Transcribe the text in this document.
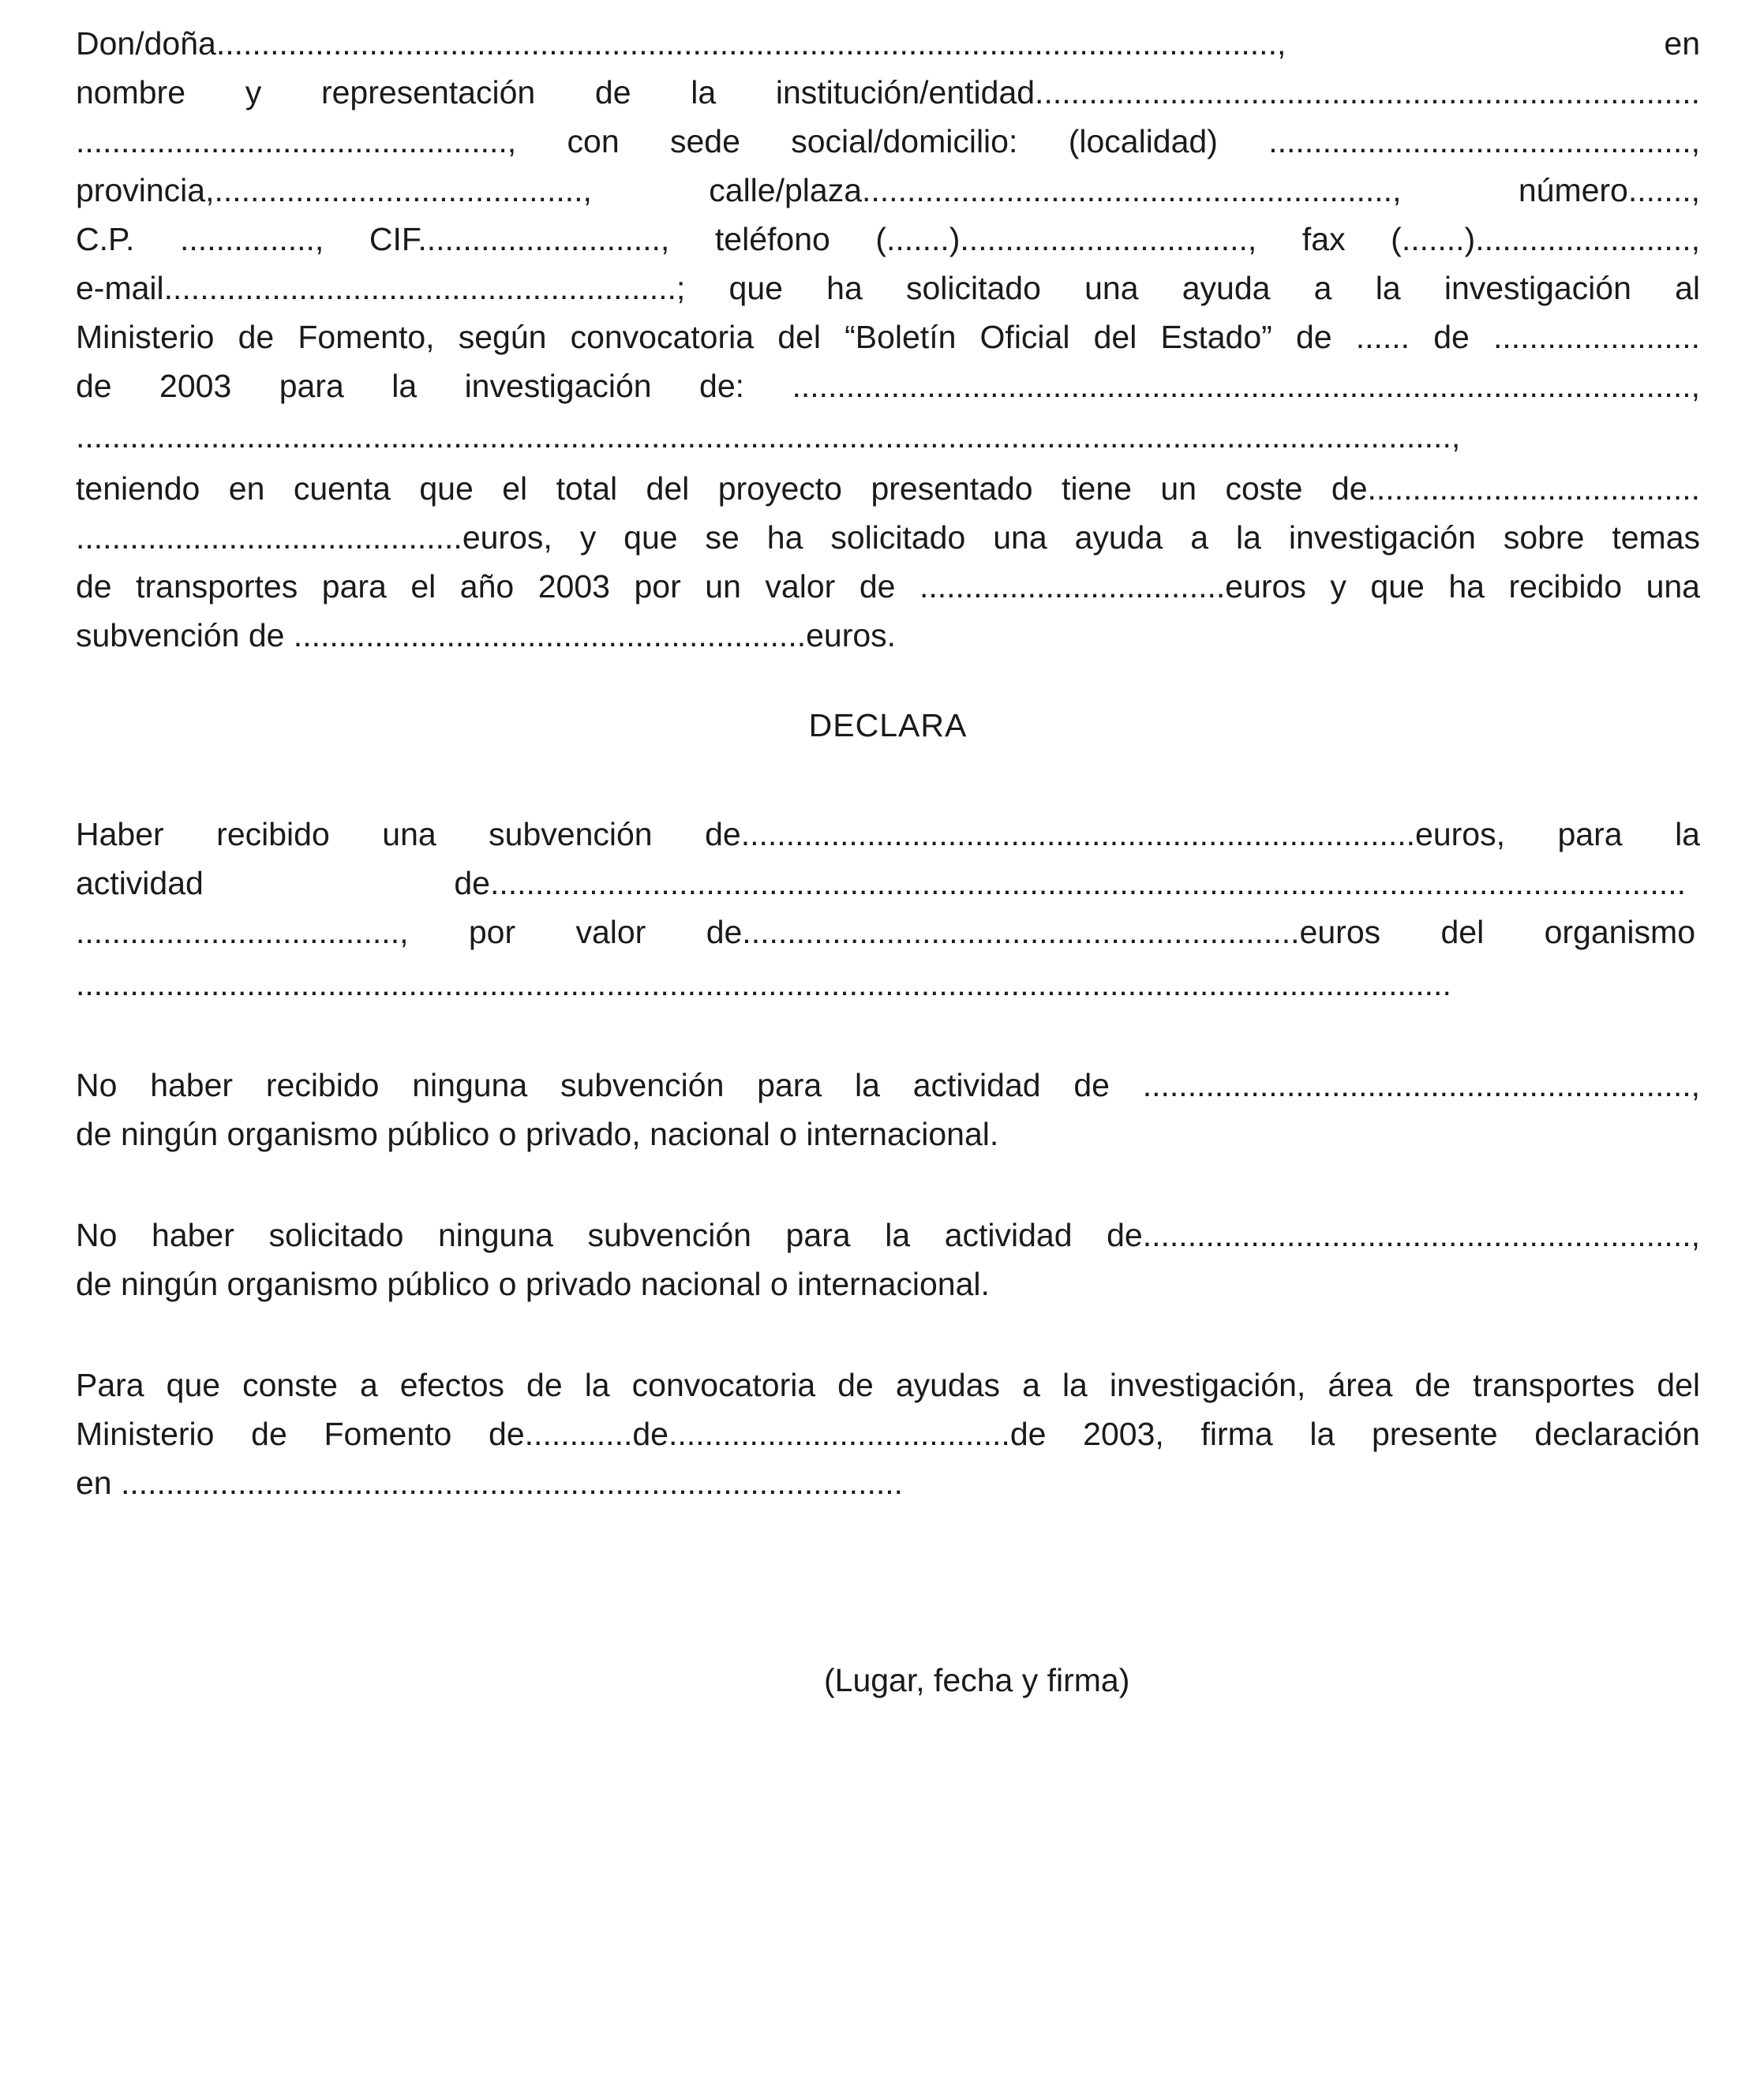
Don/doña......................................................................................................................, en
nombre y representación de la institución/entidad..........................................................................
................................................, con sede social/domicilio: (localidad) ...............................................,
provincia,........................................., calle/plaza..........................................................., número.......,
C.P. ..............., CIF..........................., teléfono (.......)................................, fax (.......)........................,
e-mail.........................................................; que ha solicitado una ayuda a la investigación al
Ministerio de Fomento, según convocatoria del “Boletín Oficial del Estado” de ...... de .......................
de 2003 para la investigación de: ....................................................................................................,
.........................................................................................................................................................,
teniendo en cuenta que el total del proyecto presentado tiene un coste de.....................................
...........................................euros, y que se ha solicitado una ayuda a la investigación sobre temas
de transportes para el año 2003 por un valor de ..................................euros y que ha recibido una
subvención de .........................................................euros.
DECLARA
Haber recibido una subvención de...........................................................................euros, para la
actividad de.....................................................................................................................................
...................................., por valor de..............................................................euros del organismo
.........................................................................................................................................................
No haber recibido ninguna subvención para la actividad de .............................................................,
de ningún organismo público o privado, nacional o internacional.
No haber solicitado ninguna subvención para la actividad de.............................................................,
de ningún organismo público o privado nacional o internacional.
Para que conste a efectos de la convocatoria de ayudas a la investigación, área de transportes del
Ministerio de Fomento de............de......................................de 2003, firma la presente declaración
en .......................................................................................
(Lugar, fecha y firma)
